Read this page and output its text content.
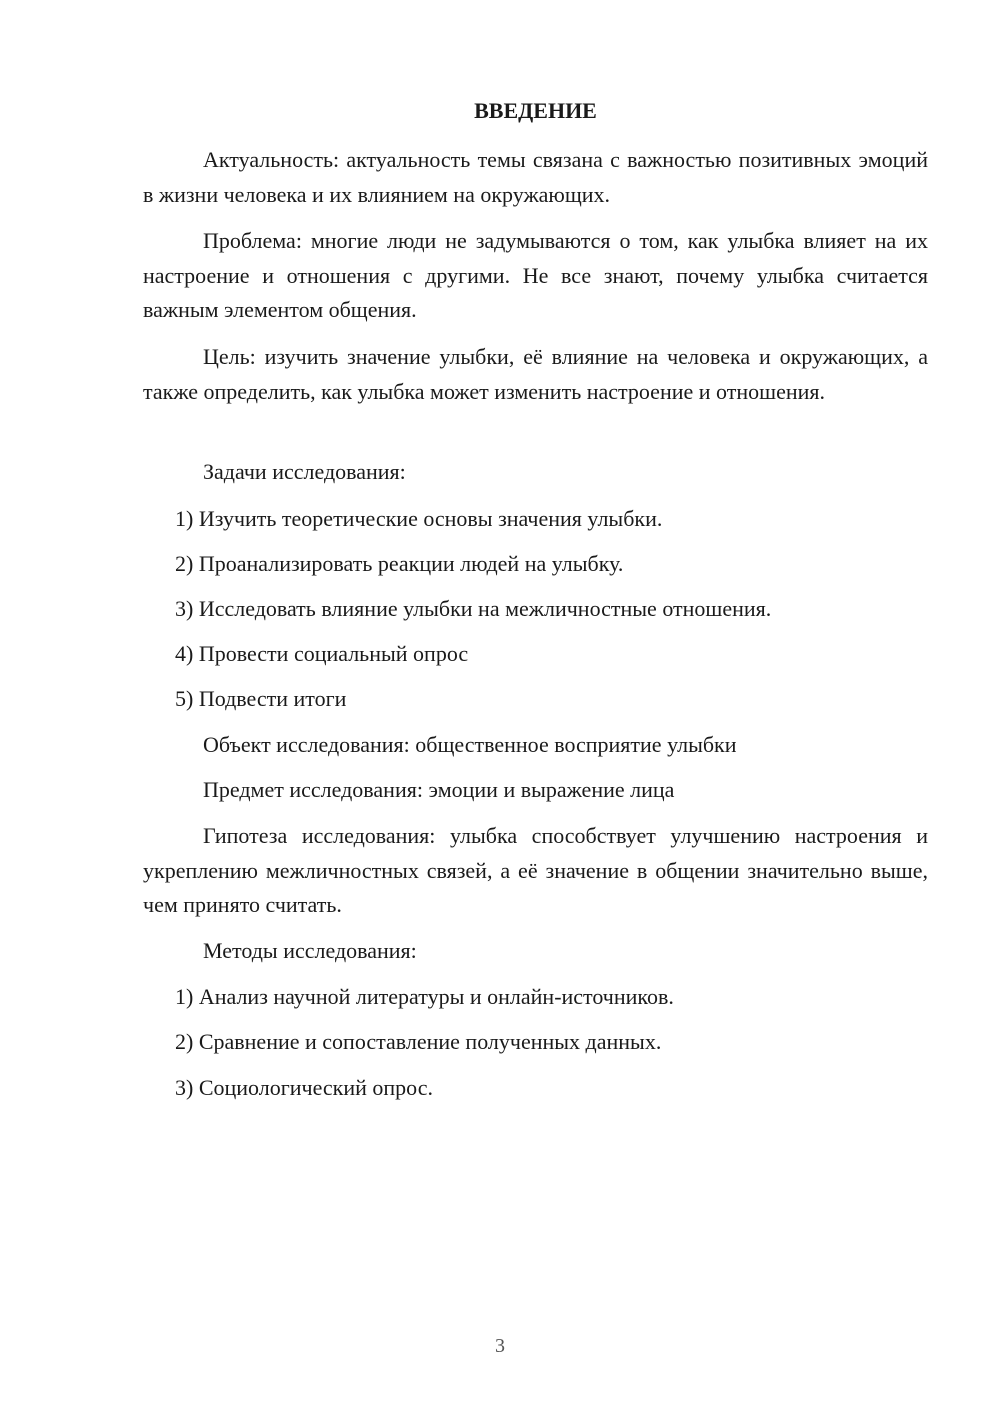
ВВЕДЕНИЕ

Актуальность: актуальность темы связана с важностью позитивных эмоций в жизни человека и их влиянием на окружающих.

Проблема: многие люди не задумываются о том, как улыбка влияет на их настроение и отношения с другими. Не все знают, почему улыбка считается важным элементом общения.

Цель: изучить значение улыбки, её влияние на человека и окружающих, а также определить, как улыбка может изменить настроение и отношения.

Задачи исследования:

1) Изучить теоретические основы значения улыбки.

2) Проанализировать реакции людей на улыбку.

3) Исследовать влияние улыбки на межличностные отношения.

4) Провести социальный опрос

5) Подвести итоги

Объект исследования: общественное восприятие улыбки

Предмет исследования: эмоции и выражение лица

Гипотеза исследования: улыбка способствует улучшению настроения и укреплению межличностных связей, а её значение в общении значительно выше, чем принято считать.

Методы исследования:

1) Анализ научной литературы и онлайн-источников.

2) Сравнение и сопоставление полученных данных.

3) Социологический опрос.

3
